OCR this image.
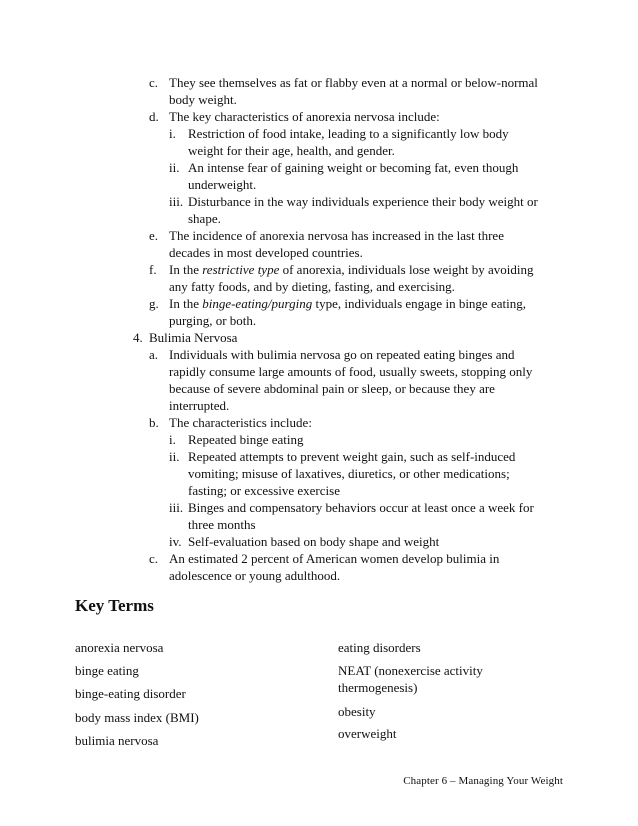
c. They see themselves as fat or flabby even at a normal or below-normal
body weight.
d. The key characteristics of anorexia nervosa include:
i. Restriction of food intake, leading to a significantly low body
weight for their age, health, and gender.
ii. An intense fear of gaining weight or becoming fat, even though
underweight.
iii. Disturbance in the way individuals experience their body weight or
shape.
e. The incidence of anorexia nervosa has increased in the last three
decades in most developed countries.
f. In the restrictive type of anorexia, individuals lose weight by avoiding
any fatty foods, and by dieting, fasting, and exercising.
g. In the binge-eating/purging type, individuals engage in binge eating,
purging, or both.
4. Bulimia Nervosa
a. Individuals with bulimia nervosa go on repeated eating binges and
rapidly consume large amounts of food, usually sweets, stopping only
because of severe abdominal pain or sleep, or because they are
interrupted.
b. The characteristics include:
i. Repeated binge eating
ii. Repeated attempts to prevent weight gain, such as self-induced
vomiting; misuse of laxatives, diuretics, or other medications;
fasting; or excessive exercise
iii. Binges and compensatory behaviors occur at least once a week for
three months
iv. Self-evaluation based on body shape and weight
c. An estimated 2 percent of American women develop bulimia in
adolescence or young adulthood.
Key Terms
anorexia nervosa
binge eating
binge-eating disorder
body mass index (BMI)
bulimia nervosa
eating disorders
NEAT (nonexercise activity
thermogenesis)
obesity
overweight
Chapter 6 – Managing Your Weight
